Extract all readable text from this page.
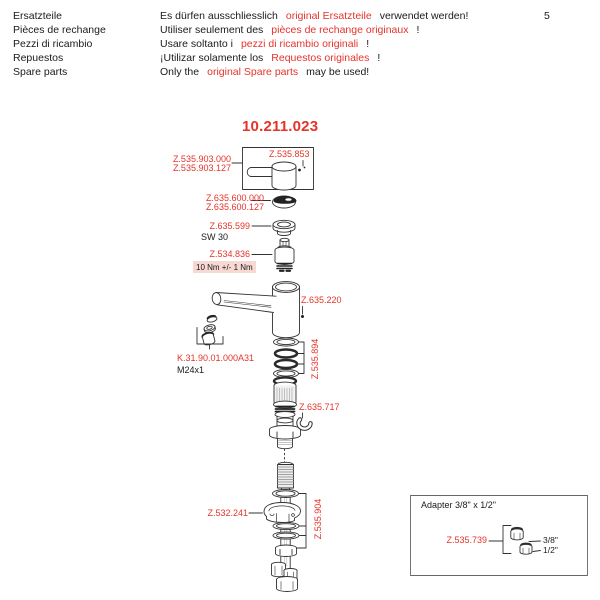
Ersatzteile
Pièces de rechange
Pezzi di ricambio
Repuestos
Spare parts
Es dürfen ausschliesslich original Ersatzteile verwendet werden!
Utiliser seulement des pièces de rechange originaux !
Usare soltanto i pezzi di ricambio originali !
¡Utilizar solamente los Requestos originales !
Only the original Spare parts may be used!
5
10.211.023
Z.535.903.000
Z.535.903.127
Z.535.853
Z.635.600.000
Z.635.600.127
Z.635.599
SW 30
Z.534.836
10 Nm +/- 1 Nm
Z.635.220
K.31.90.01.000A31
M24x1	Z.535.894
Z.635.717
Z.532.241	Z.535.904	Adapter 3/8" x 1/2"
Z.535.739	3/8"
1/2"
